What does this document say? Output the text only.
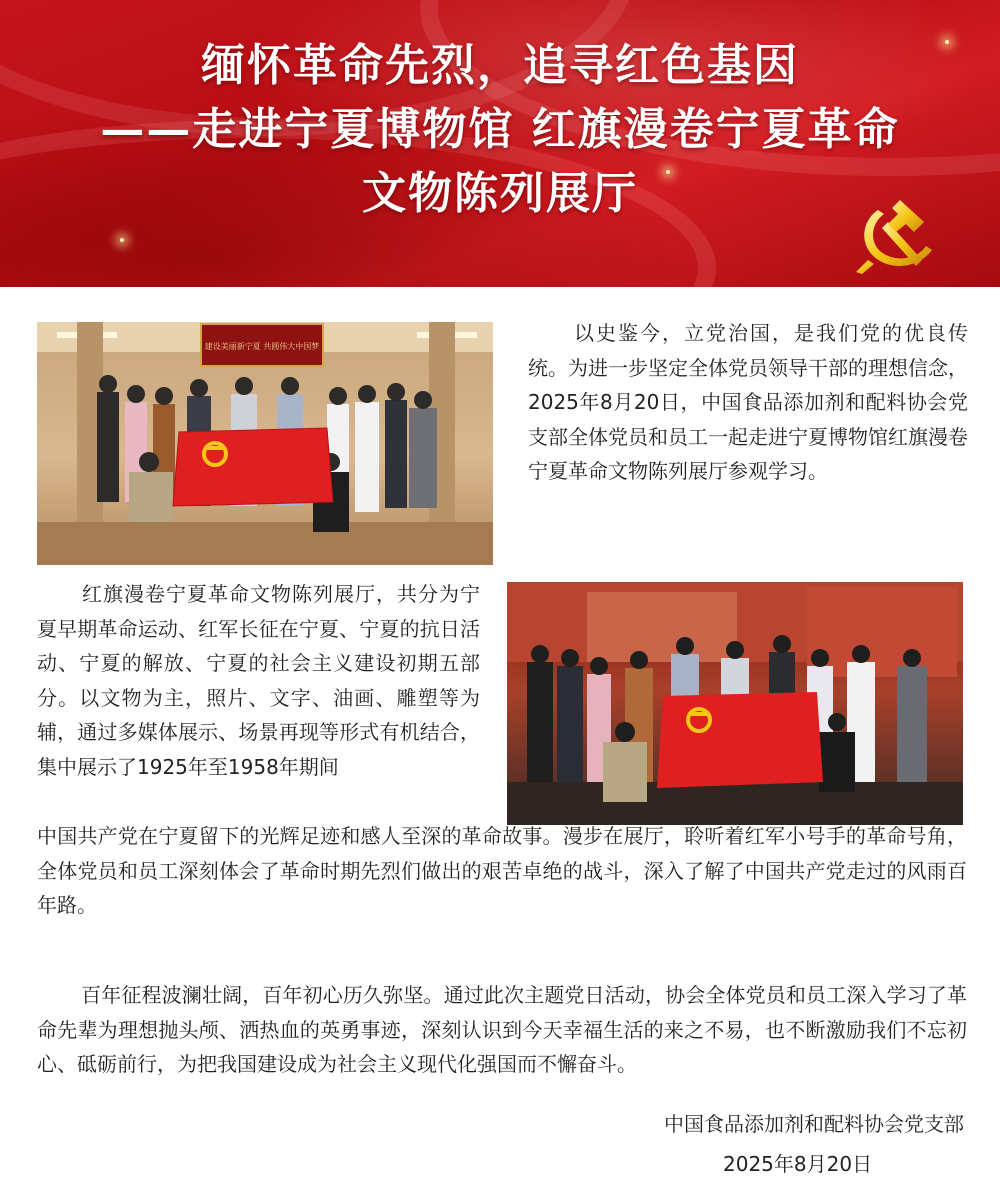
缅怀革命先烈，追寻红色基因
——走进宁夏博物馆 红旗漫卷宁夏革命
文物陈列展厅
建设美丽新宁夏 共圆伟大中国梦

以史鉴今，立党治国，是我们党的优良传统。为进一步坚定全体党员领导干部的理想信念，2025年8月20日，中国食品添加剂和配料协会党支部全体党员和员工一起走进宁夏博物馆红旗漫卷宁夏革命文物陈列展厅参观学习。

红旗漫卷宁夏革命文物陈列展厅，共分为宁夏早期革命运动、红军长征在宁夏、宁夏的抗日活动、宁夏的解放、宁夏的社会主义建设初期五部分。以文物为主，照片、文字、油画、雕塑等为辅，通过多媒体展示、场景再现等形式有机结合，集中展示了1925年至1958年期间

中国共产党在宁夏留下的光辉足迹和感人至深的革命故事。漫步在展厅，聆听着红军小号手的革命号角，全体党员和员工深刻体会了革命时期先烈们做出的艰苦卓绝的战斗，深入了解了中国共产党走过的风雨百年路。

百年征程波澜壮阔，百年初心历久弥坚。通过此次主题党日活动，协会全体党员和员工深入学习了革命先辈为理想抛头颅、洒热血的英勇事迹，深刻认识到今天幸福生活的来之不易，也不断激励我们不忘初心、砥砺前行，为把我国建设成为社会主义现代化强国而不懈奋斗。

中国食品添加剂和配料协会党支部
2025年8月20日
